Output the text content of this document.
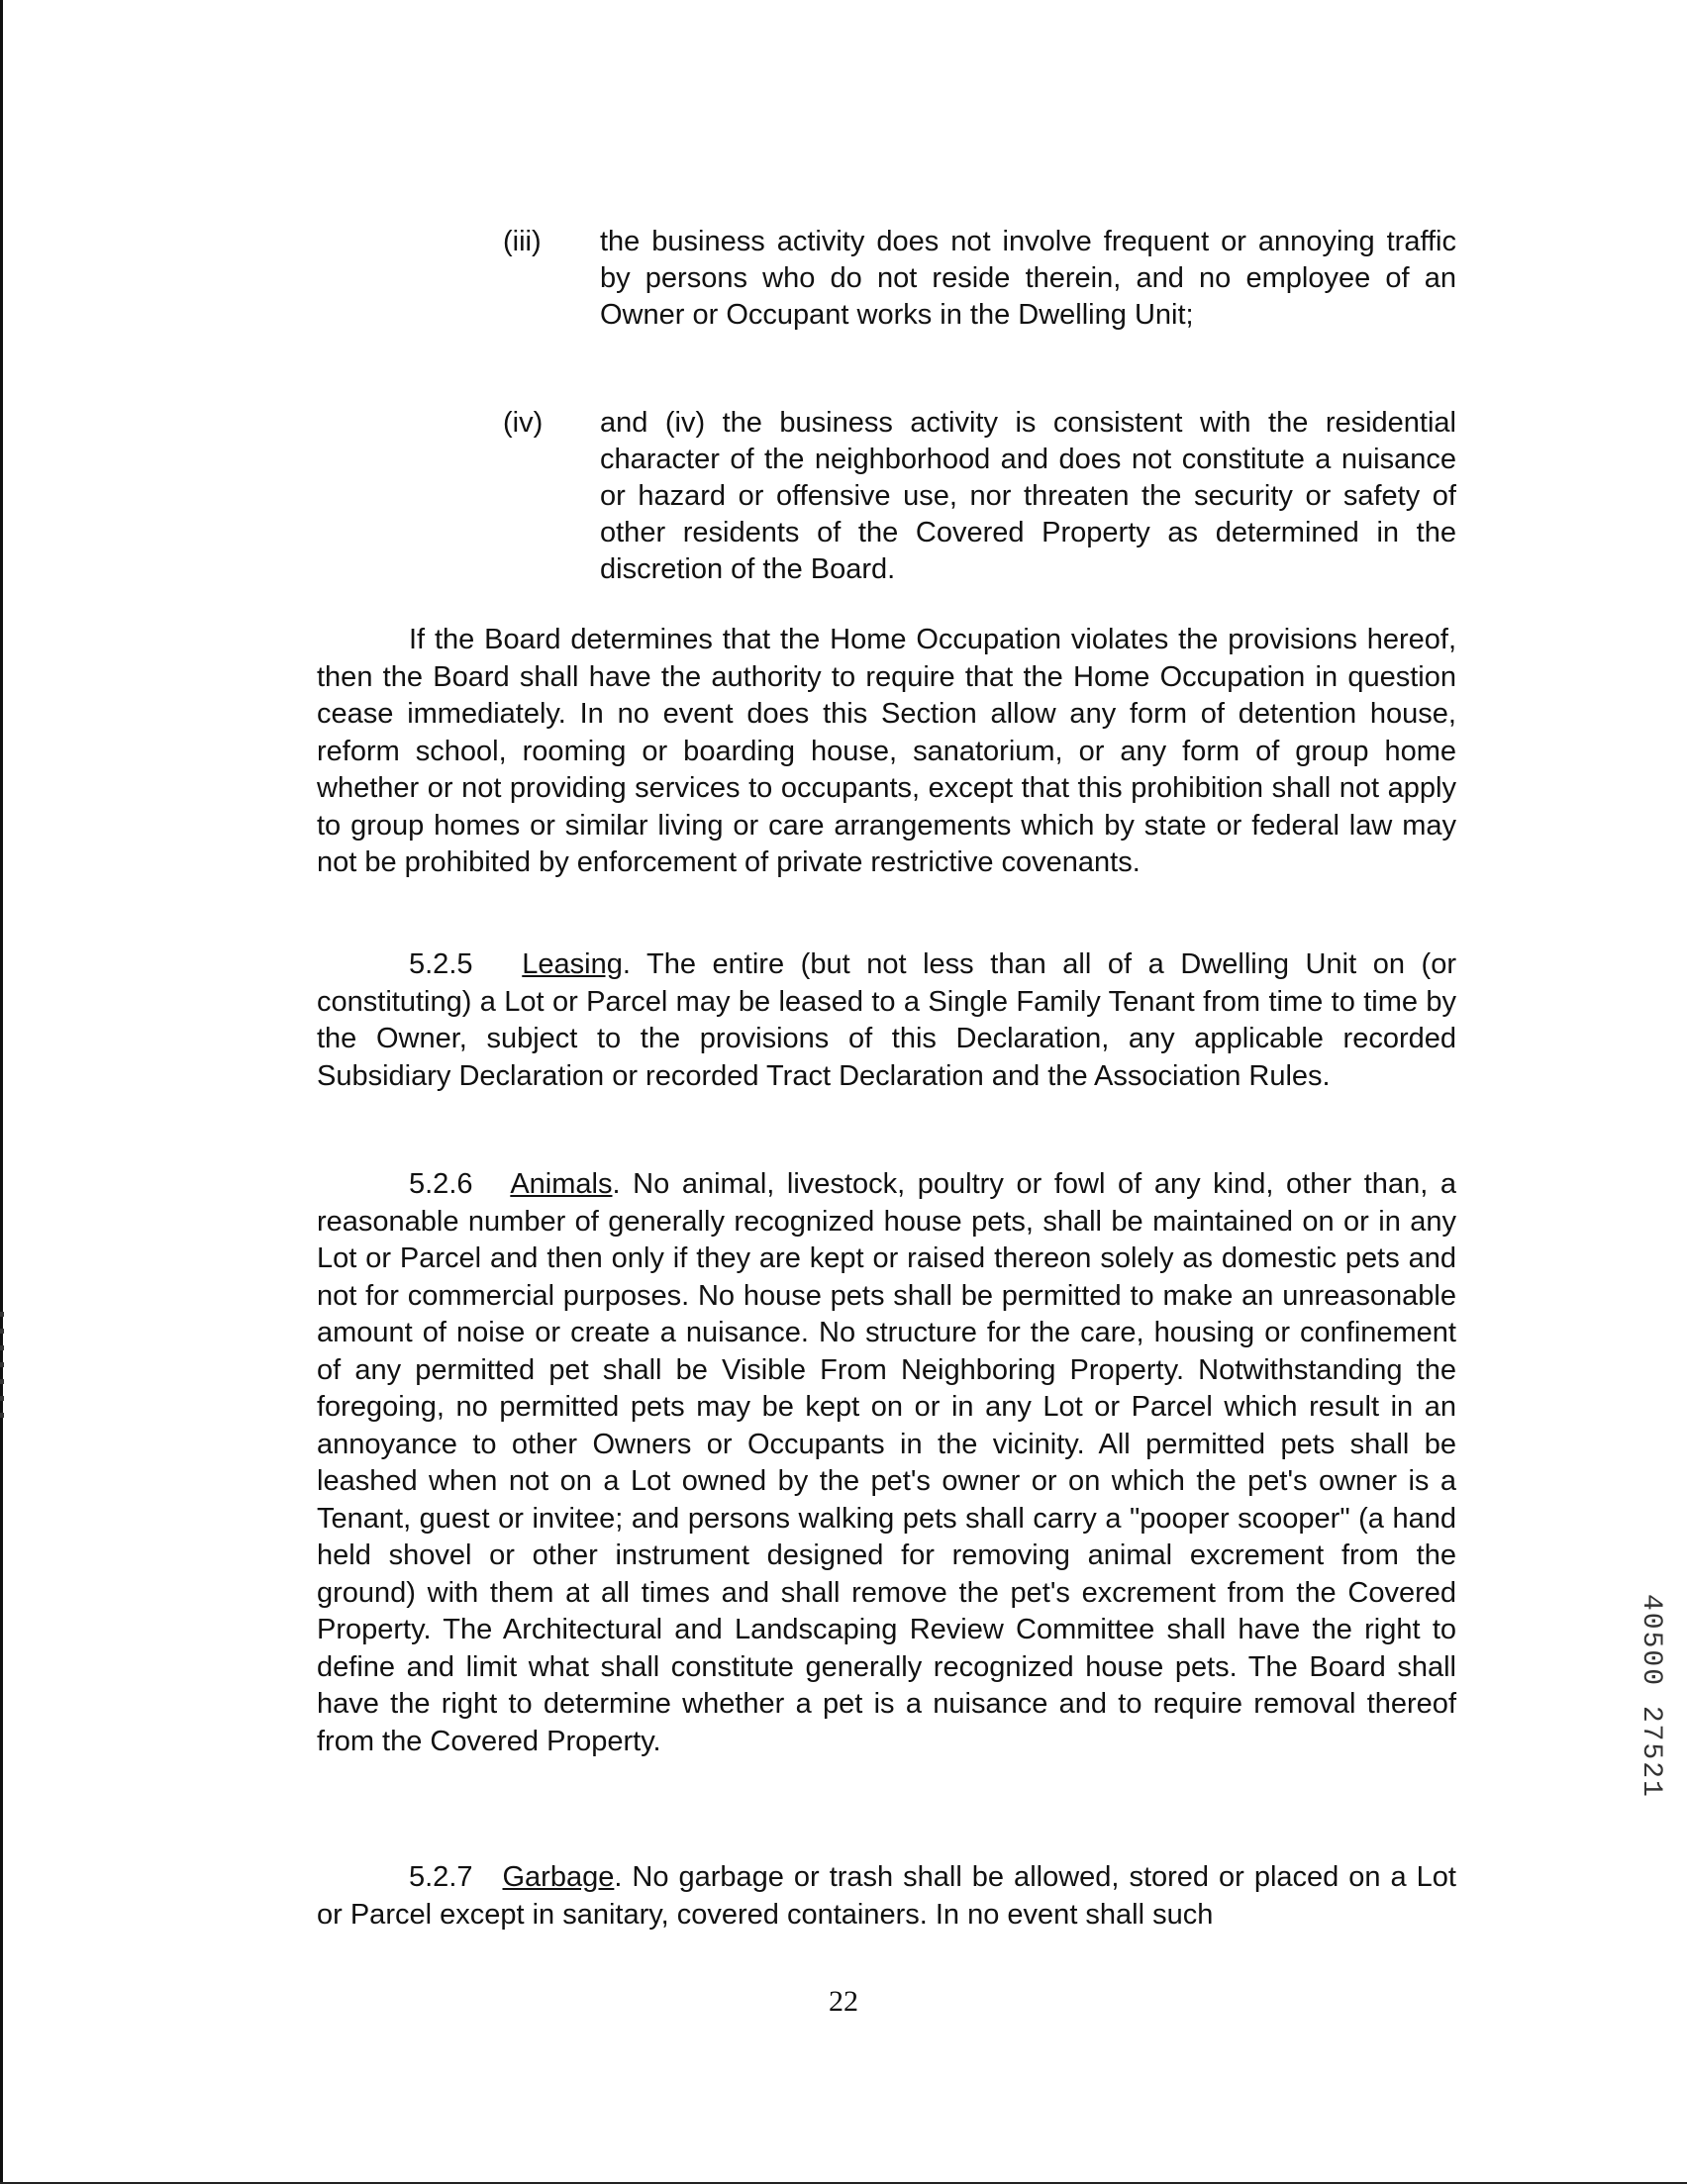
(iii) the business activity does not involve frequent or annoying traffic by persons who do not reside therein, and no employee of an Owner or Occupant works in the Dwelling Unit;
(iv) and (iv) the business activity is consistent with the residential character of the neighborhood and does not constitute a nuisance or hazard or offensive use, nor threaten the security or safety of other residents of the Covered Property as determined in the discretion of the Board.
If the Board determines that the Home Occupation violates the provisions hereof, then the Board shall have the authority to require that the Home Occupation in question cease immediately. In no event does this Section allow any form of detention house, reform school, rooming or boarding house, sanatorium, or any form of group home whether or not providing services to occupants, except that this prohibition shall not apply to group homes or similar living or care arrangements which by state or federal law may not be prohibited by enforcement of private restrictive covenants.
5.2.5 Leasing. The entire (but not less than all of a Dwelling Unit on (or constituting) a Lot or Parcel may be leased to a Single Family Tenant from time to time by the Owner, subject to the provisions of this Declaration, any applicable recorded Subsidiary Declaration or recorded Tract Declaration and the Association Rules.
5.2.6 Animals. No animal, livestock, poultry or fowl of any kind, other than, a reasonable number of generally recognized house pets, shall be maintained on or in any Lot or Parcel and then only if they are kept or raised thereon solely as domestic pets and not for commercial purposes. No house pets shall be permitted to make an unreasonable amount of noise or create a nuisance. No structure for the care, housing or confinement of any permitted pet shall be Visible From Neighboring Property. Notwithstanding the foregoing, no permitted pets may be kept on or in any Lot or Parcel which result in an annoyance to other Owners or Occupants in the vicinity. All permitted pets shall be leashed when not on a Lot owned by the pet's owner or on which the pet's owner is a Tenant, guest or invitee; and persons walking pets shall carry a "pooper scooper" (a hand held shovel or other instrument designed for removing animal excrement from the ground) with them at all times and shall remove the pet's excrement from the Covered Property. The Architectural and Landscaping Review Committee shall have the right to define and limit what shall constitute generally recognized house pets. The Board shall have the right to determine whether a pet is a nuisance and to require removal thereof from the Covered Property.
5.2.7 Garbage. No garbage or trash shall be allowed, stored or placed on a Lot or Parcel except in sanitary, covered containers. In no event shall such
22
40500 27521
